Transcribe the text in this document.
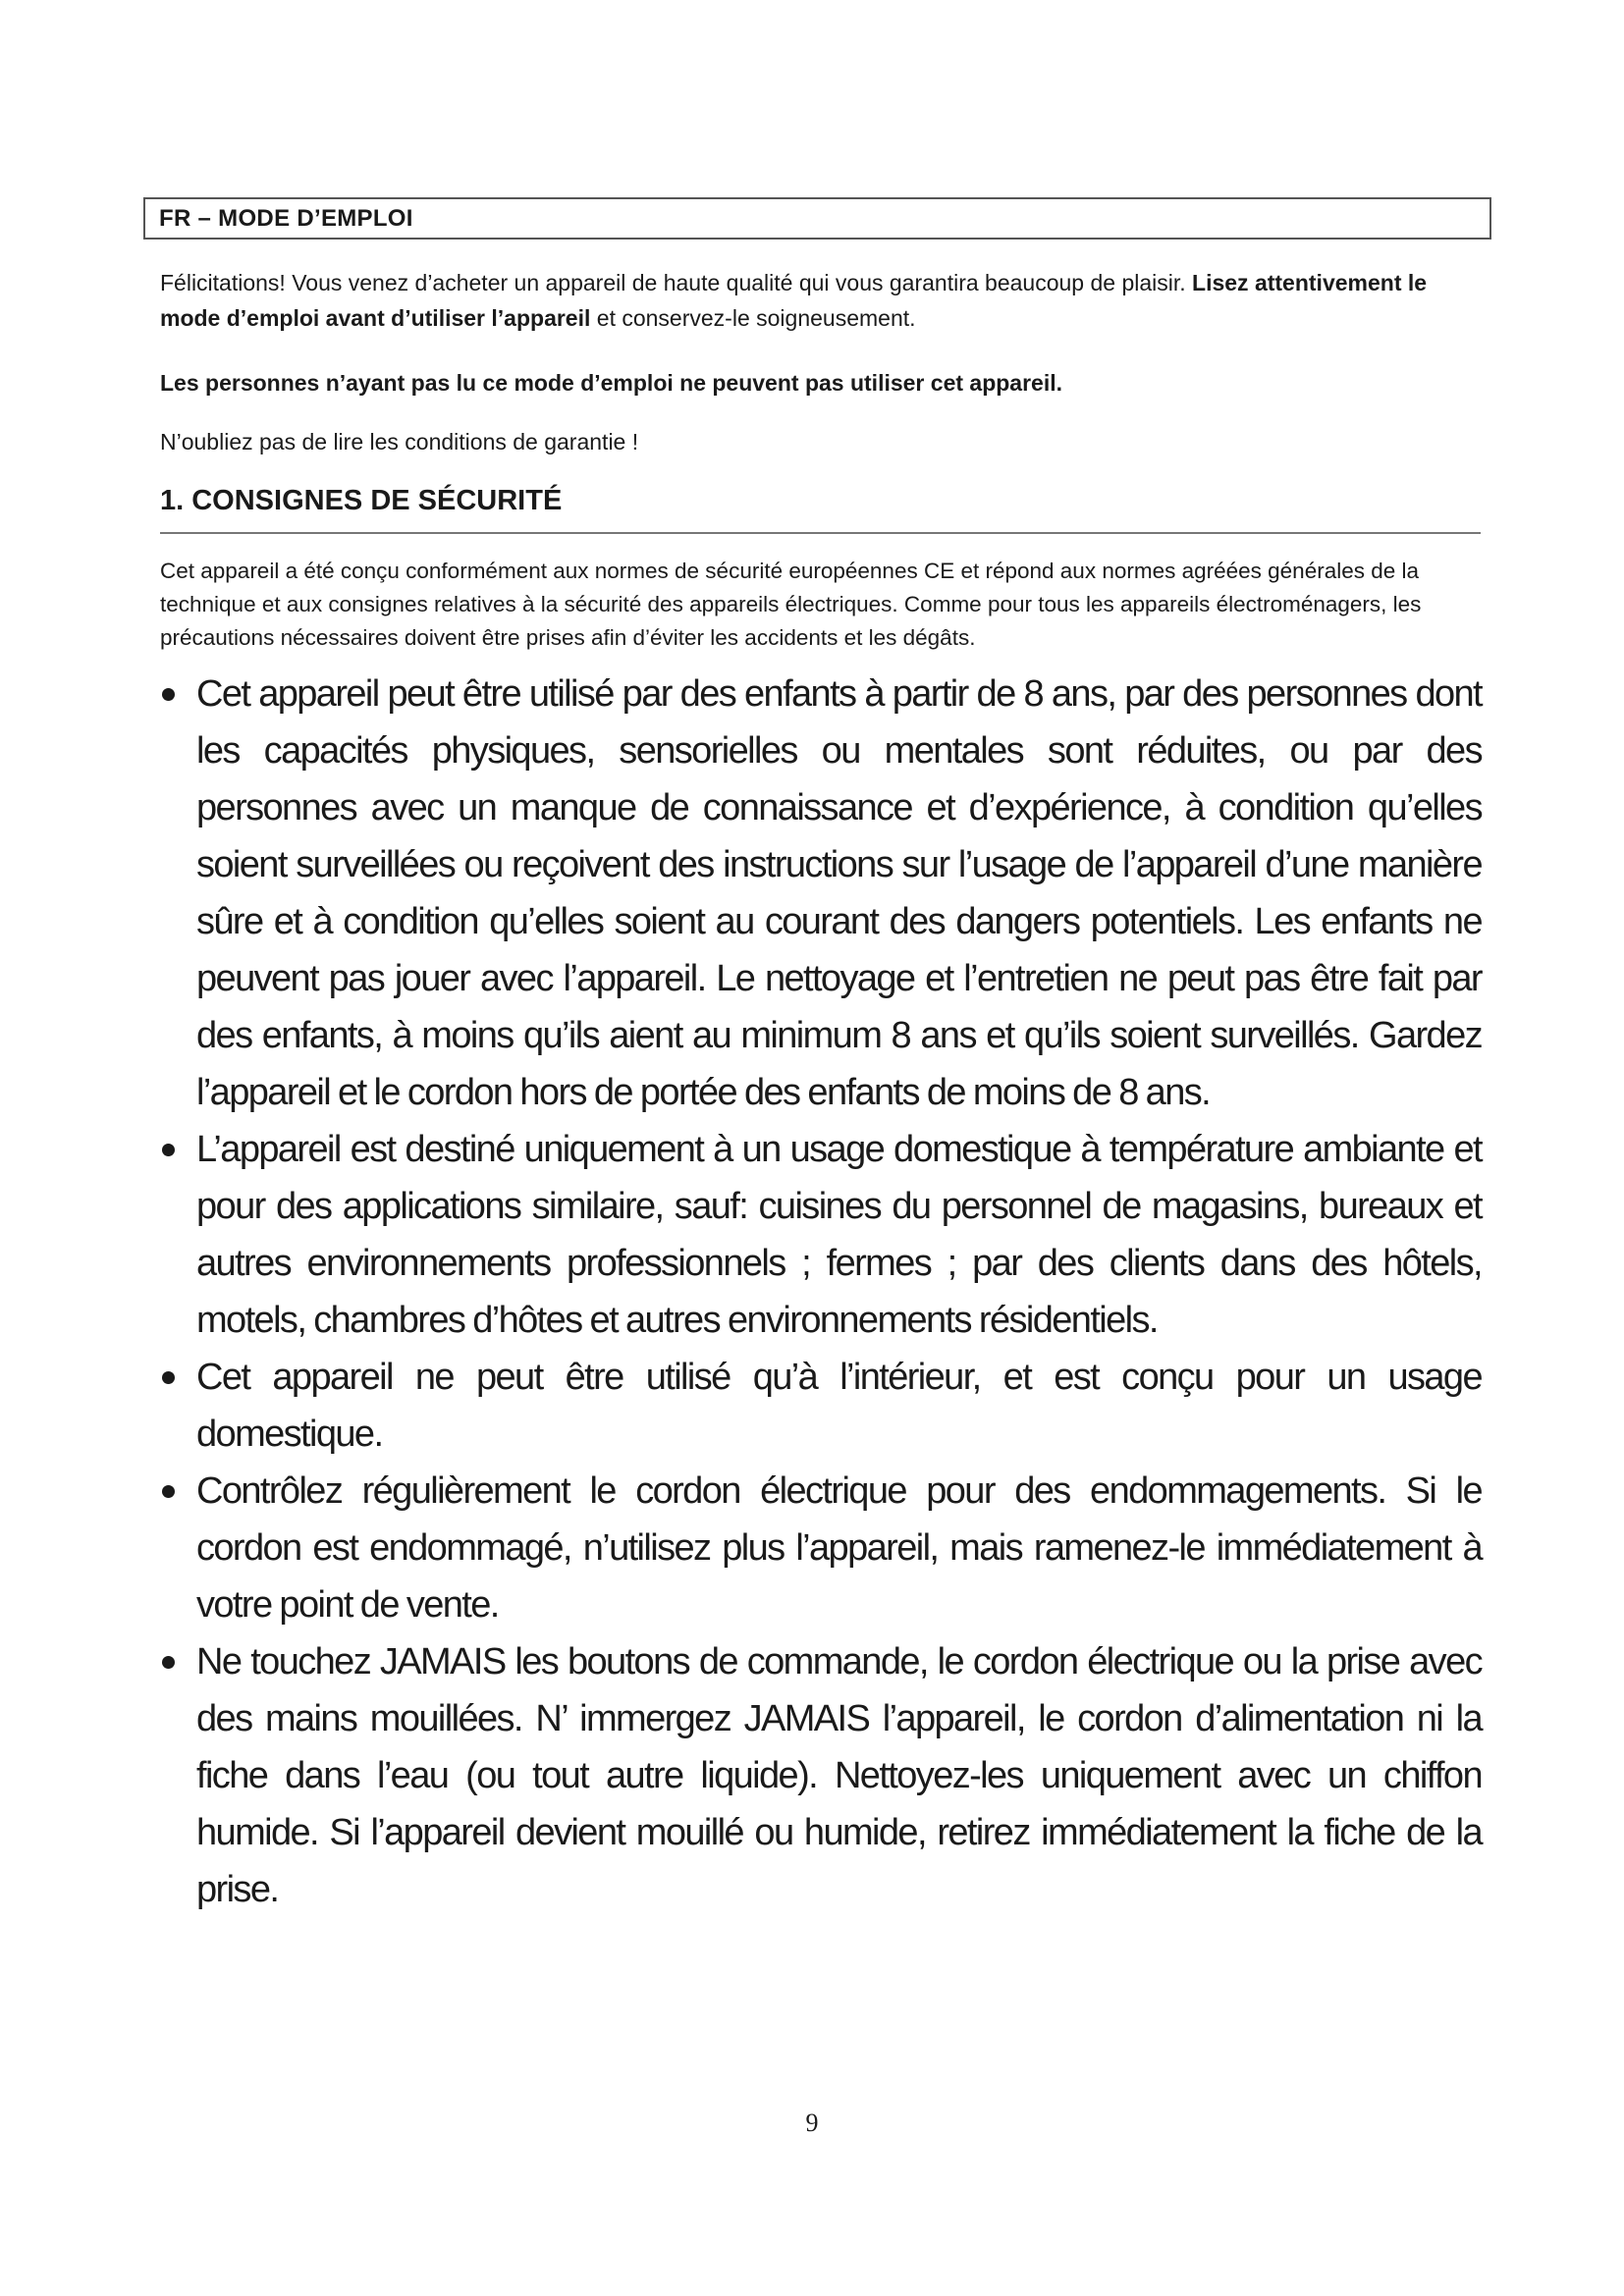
FR – MODE D’EMPLOI

Félicitations! Vous venez d’acheter un appareil de haute qualité qui vous garantira beaucoup de plaisir. Lisez attentivement le mode d’emploi avant d’utiliser l’appareil et conservez-le soigneusement.

Les personnes n’ayant pas lu ce mode d’emploi ne peuvent pas utiliser cet appareil.

N’oubliez pas de lire les conditions de garantie !

1. CONSIGNES DE SÉCURITÉ

Cet appareil a été conçu conformément aux normes de sécurité européennes CE et répond aux normes agréées générales de la technique et aux consignes relatives à la sécurité des appareils électriques. Comme pour tous les appareils électroménagers, les précautions nécessaires doivent être prises afin d’éviter les accidents et les dégâts.

Cet appareil peut être utilisé par des enfants à partir de 8 ans, par des personnes dont les capacités physiques, sensorielles ou mentales sont réduites, ou par des personnes avec un manque de connaissance et d’expérience, à condition qu’elles soient surveillées ou reçoivent des instructions sur l’usage de l’appareil d’une manière sûre et à condition qu’elles soient au courant des dangers potentiels. Les enfants ne peuvent pas jouer avec l’appareil. Le nettoyage et l’entretien ne peut pas être fait par des enfants, à moins qu’ils aient au minimum 8 ans et qu’ils soient surveillés. Gardez l’appareil et le cordon hors de portée des enfants de moins de 8 ans.
L’appareil est destiné uniquement à un usage domestique à température ambiante et pour des applications similaire, sauf: cuisines du personnel de magasins, bureaux et autres environnements professionnels ; fermes ; par des clients dans des hôtels, motels, chambres d’hôtes et autres environnements résidentiels.
Cet appareil ne peut être utilisé qu’à l’intérieur, et est conçu pour un usage domestique.
Contrôlez régulièrement le cordon électrique pour des endommagements. Si le cordon est endommagé, n’utilisez plus l’appareil, mais ramenez-le immédiatement à votre point de vente.
Ne touchez JAMAIS les boutons de commande, le cordon électrique ou la prise avec des mains mouillées. N’ immergez JAMAIS l’appareil, le cordon d’alimentation ni la fiche dans l’eau (ou tout autre liquide). Nettoyez-les uniquement avec un chiffon humide. Si l’appareil devient mouillé ou humide, retirez immédiatement la fiche de la prise.
9
